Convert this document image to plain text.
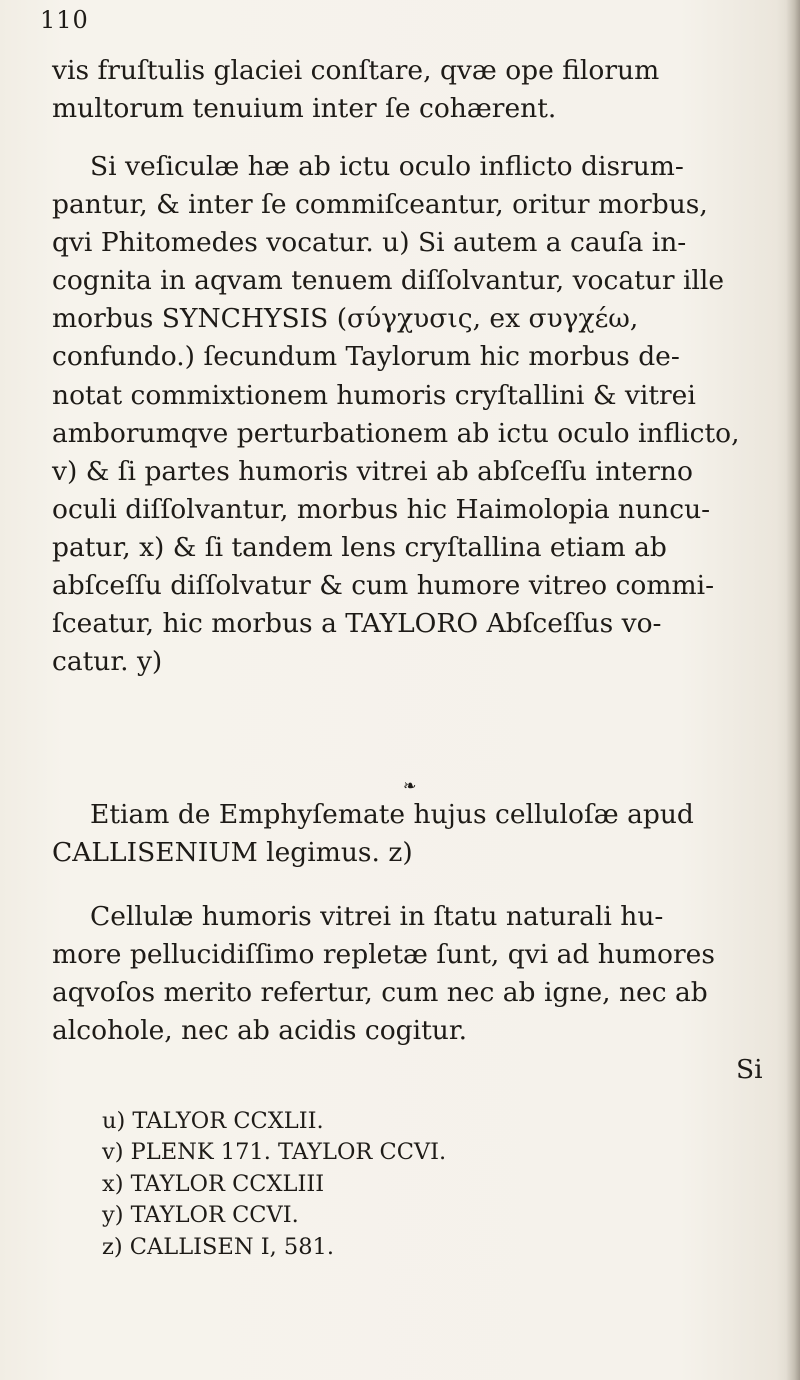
110
vis fruſtulis glaciei conſtare, qvæ ope filorum
multorum tenuium inter ſe cohærent.
Si veſiculæ hæ ab ictu oculo inflicto disrum-
pantur, & inter ſe commiſceantur, oritur morbus,
qvi Phitomedes vocatur. u) Si autem a cauſa in-
cognita in aqvam tenuem diſſolvantur, vocatur ille
morbus SYNCHYSIS (σύγχυσις, ex συγχέω,
confundo.) ſecundum Taylorum hic morbus de-
notat commixtionem humoris cryſtallini & vitrei
amborumqve perturbationem ab ictu oculo inflicto,
v) & ſi partes humoris vitrei ab abſceſſu interno
oculi diſſolvantur, morbus hic Haimolopia nuncu-
patur, x) & ſi tandem lens cryſtallina etiam ab
abſceſſu diſſolvatur & cum humore vitreo commi-
ſceatur, hic morbus a TAYLORO Abſceſſus vo-
catur. y)
❧
Etiam de Emphyſemate hujus celluloſæ apud
CALLISENIUM legimus. z)
Cellulæ humoris vitrei in ſtatu naturali hu-
more pellucidiſſimo repletæ ſunt, qvi ad humores
aqvoſos merito refertur, cum nec ab igne, nec ab
alcohole, nec ab acidis cogitur.
Si
u) TALYOR CCXLII.
v) PLENK 171. TAYLOR CCVI.
x) TAYLOR CCXLIII
y) TAYLOR CCVI.
z) CALLISEN I, 581.
